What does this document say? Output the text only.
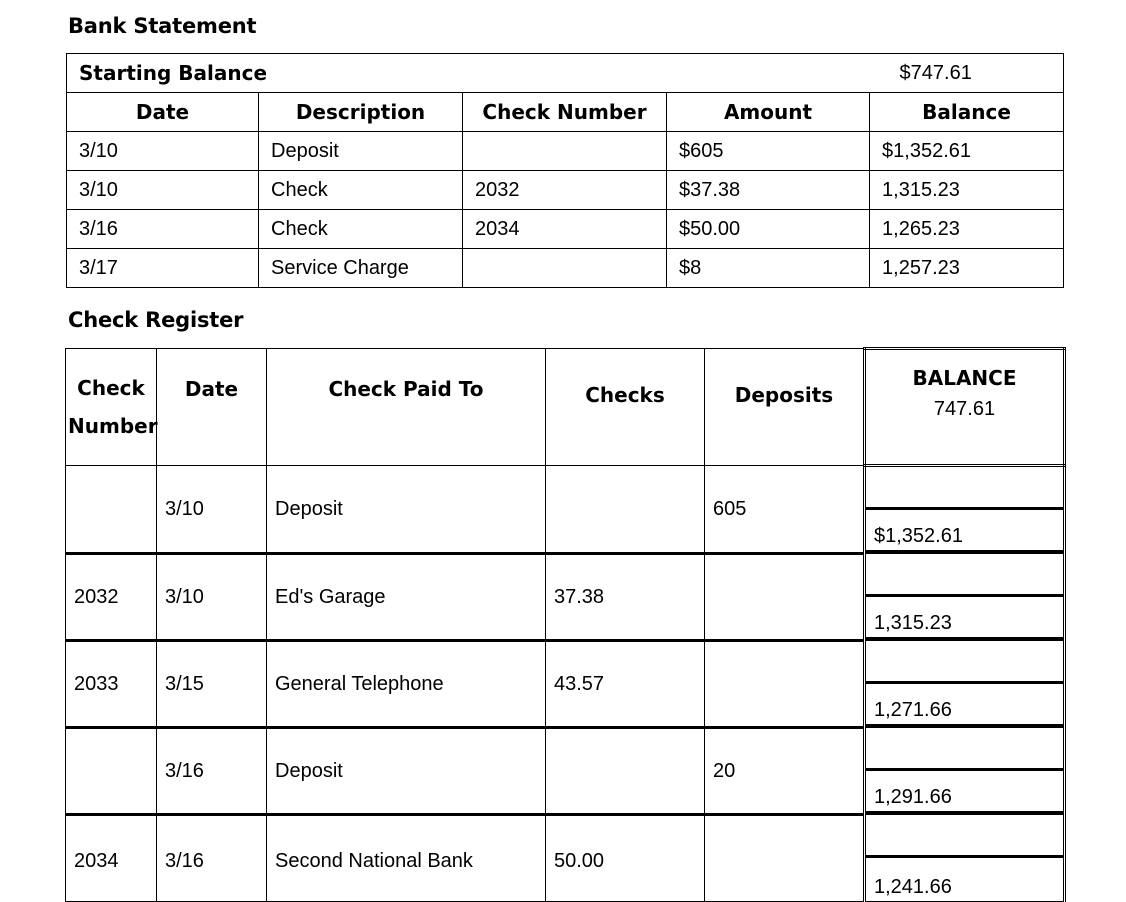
Bank Statement
Starting Balance				$747.61
Date	Description	Check Number	Amount	Balance
3/10	Deposit		$605	$1,352.61
3/10	Check	2032	$37.38	1,315.23
3/16	Check	2034	$50.00	1,265.23
3/17	Service Charge		$8	1,257.23
Check Register
Check
Number	Date	Check Paid To	Checks	Deposits	BALANCE
747.61

	3/10	Deposit		605	$1,352.61

2032	3/10	Ed's Garage	37.38		1,315.23

2033	3/15	General Telephone	43.57		1,271.66

	3/16	Deposit		20	1,291.66

2034	3/16	Second National Bank	50.00		1,241.66
